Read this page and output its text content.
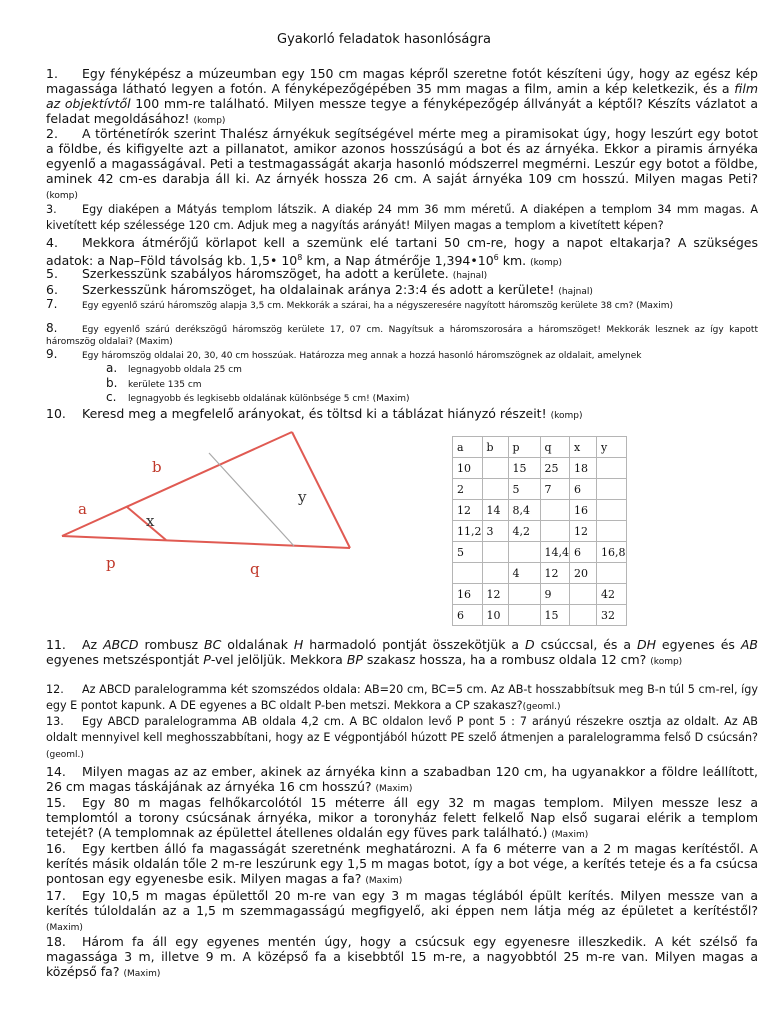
Gyakorló feladatok hasonlóságra
1. Egy fényképész a múzeumban egy 150 cm magas képről szeretne fotót készíteni úgy, hogy az egész kép magassága látható legyen a fotón. A fényképezőgépében 35 mm magas a film, amin a kép keletkezik, és a film az objektívtől 100 mm-re található. Milyen messze tegye a fényképezőgép állványát a képtől? Készíts vázlatot a feladat megoldásához! (komp)
2. A történetírók szerint Thalész árnyékuk segítségével mérte meg a piramisokat úgy, hogy leszúrt egy botot a földbe, és kifigyelte azt a pillanatot, amikor azonos hosszúságú a bot és az árnyéka. Ekkor a piramis árnyéka egyenlő a magasságával. Peti a testmagasságát akarja hasonló módszerrel megmérni. Leszúr egy botot a földbe, aminek 42 cm-es darabja áll ki. Az árnyék hossza 26 cm. A saját árnyéka 109 cm hosszú. Milyen magas Peti? (komp)
3. Egy diaképen a Mátyás templom látszik. A diakép 24 mm 36 mm méretű. A diaképen a templom 34 mm magas. A kivetített kép szélessége 120 cm. Adjuk meg a nagyítás arányát! Milyen magas a templom a kivetített képen?
4. Mekkora átmérőjű körlapot kell a szemünk elé tartani 50 cm-re, hogy a napot eltakarja? A szükséges adatok: a Nap–Föld távolság kb. 1,5• $10^8$ km, a Nap átmérője $1,394•10^6$ km. (komp)
5. Szerkesszünk szabályos háromszöget, ha adott a kerülete. (hajnal)
6. Szerkesszünk háromszöget, ha oldalainak aránya 2:3:4 és adott a kerülete! (hajnal)
7.	Egy egyenlő szárú háromszög alapja 3,5 cm. Mekkorák a szárai, ha a négyszeresére nagyított háromszög kerülete 38 cm? (Maxim)
8.	Egy egyenlő szárú derékszögű háromszög kerülete 17, 07 cm. Nagyítsuk a háromszorosára a háromszöget! Mekkorák lesznek az így kapott háromszög oldalai? (Maxim)
9.	Egy háromszög oldalai 20, 30, 40 cm hosszúak. Határozza meg annak a hozzá hasonló háromszögnek az oldalait, amelynek
a. legnagyobb oldala 25 cm
b. kerülete 135 cm
c. legnagyobb és legkisebb oldalának különbsége 5 cm! (Maxim)
10. Keresd meg a megfelelő arányokat, és töltsd ki a táblázat hiányzó részeit! (komp)
a
b
p	q
x
y
a	b	p	q	x	y
10		15	25	18	
2		5	7	6	
12	14	8,4		16	
11,2	3	4,2		12	
5			14,4	6	16,8
		4	12	20	
16	12		9		42
6	10		15		32
11. Az ABCD rombusz BC oldalának H harmadoló pontját összekötjük a D csúccsal, és a DH egyenes és AB egyenes metszéspontját P-vel jelöljük. Mekkora BP szakasz hossza, ha a rombusz oldala 12 cm? (komp)
12. Az ABCD paralelogramma két szomszédos oldala: AB=20 cm, BC=5 cm. Az AB-t hosszabbítsuk meg B-n túl 5 cm-rel, így egy E pontot kapunk. A DE egyenes a BC oldalt P-ben metszi. Mekkora a CP szakasz?(geoml.)
13. Egy ABCD paralelogramma AB oldala 4,2 cm. A BC oldalon levő P pont 5 : 7 arányú részekre osztja az oldalt. Az AB oldalt mennyivel kell meghosszabbítani, hogy az E végpontjából húzott PE szelő átmenjen a paralelogramma felső D csúcsán?(geoml.)
14. Milyen magas az az ember, akinek az árnyéka kinn a szabadban 120 cm, ha ugyanakkor a földre leállított, 26 cm magas táskájának az árnyéka 16 cm hosszú? (Maxim)
15. Egy 80 m magas felhőkarcolótól 15 méterre áll egy 32 m magas templom. Milyen messze lesz a templomtól a torony csúcsának árnyéka, mikor a toronyház felett felkelő Nap első sugarai elérik a templom tetejét? (A templomnak az épülettel átellenes oldalán egy füves park található.) (Maxim)
16. Egy kertben álló fa magasságát szeretnénk meghatározni. A fa 6 méterre van a 2 m magas kerítéstől. A kerítés másik oldalán tőle 2 m-re leszúrunk egy 1,5 m magas botot, így a bot vége, a kerítés teteje és a fa csúcsa pontosan egy egyenesbe esik. Milyen magas a fa? (Maxim)
17. Egy 10,5 m magas épülettől 20 m-re van egy 3 m magas téglából épült kerítés. Milyen messze van a kerítés túloldalán az a 1,5 m szemmagasságú megfigyelő, aki éppen nem látja még az épületet a kerítéstől? (Maxim)
18. Három fa áll egy egyenes mentén úgy, hogy a csúcsuk egy egyenesre illeszkedik. A két szélső fa magassága 3 m, illetve 9 m. A középső fa a kisebbtől 15 m-re, a nagyobbtól 25 m-re van. Milyen magas a középső fa? (Maxim)
